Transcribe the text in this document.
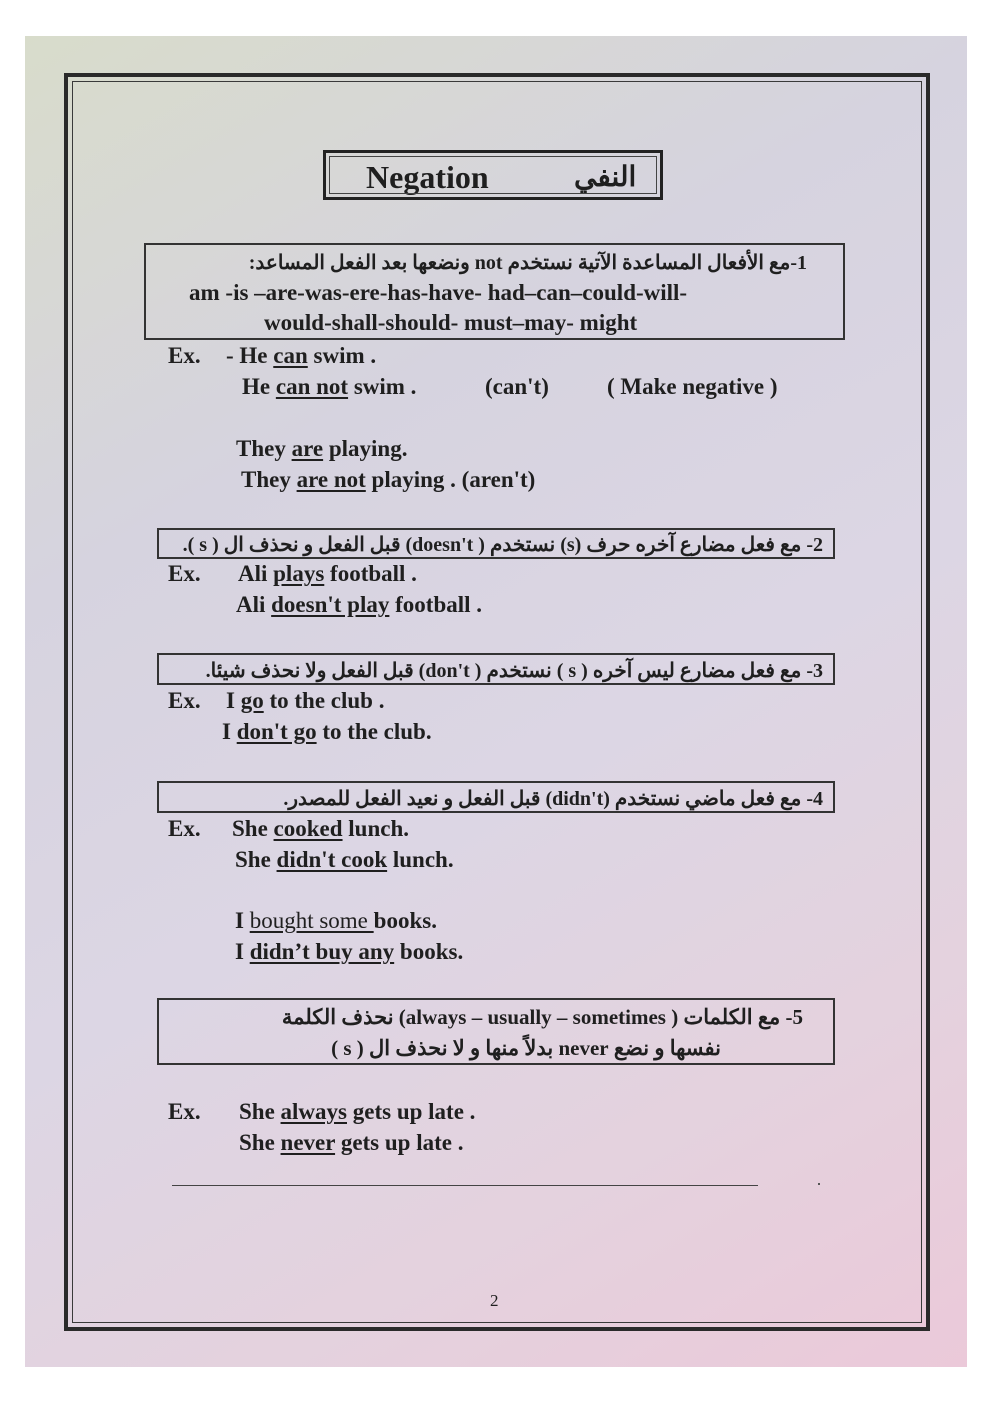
Negation	النفي
1-مع الأفعال المساعدة الآتية نستخدم not ونضعها بعد الفعل المساعد:
am -is –are-was-ere-has-have- had–can–could-will-
would-shall-should- must–may- might
Ex. - He can swim .
He can not swim .	(can't)	( Make negative )
They are playing.
They are not playing . (aren't)
2- مع فعل مضارع آخره حرف (s) نستخدم ( doesn't) قبل الفعل و نحذف ال ( s ).
Ex. Ali plays football .
Ali doesn't play football .
3- مع فعل مضارع ليس آخره ( s ) نستخدم ( don't) قبل الفعل ولا نحذف شيئا.
Ex. I go to the club .
I don't go to the club.
4- مع فعل ماضي نستخدم (didn't) قبل الفعل و نعيد الفعل للمصدر.
Ex. She cooked lunch.
She didn't cook lunch.
I bought some books.
I didn’t buy any books.
5- مع الكلمات ( always – usually – sometimes) نحذف الكلمة
نفسها و نضع never بدلاً منها و لا نحذف ال ( s )
Ex. She always gets up late .
She never gets up late .
2
